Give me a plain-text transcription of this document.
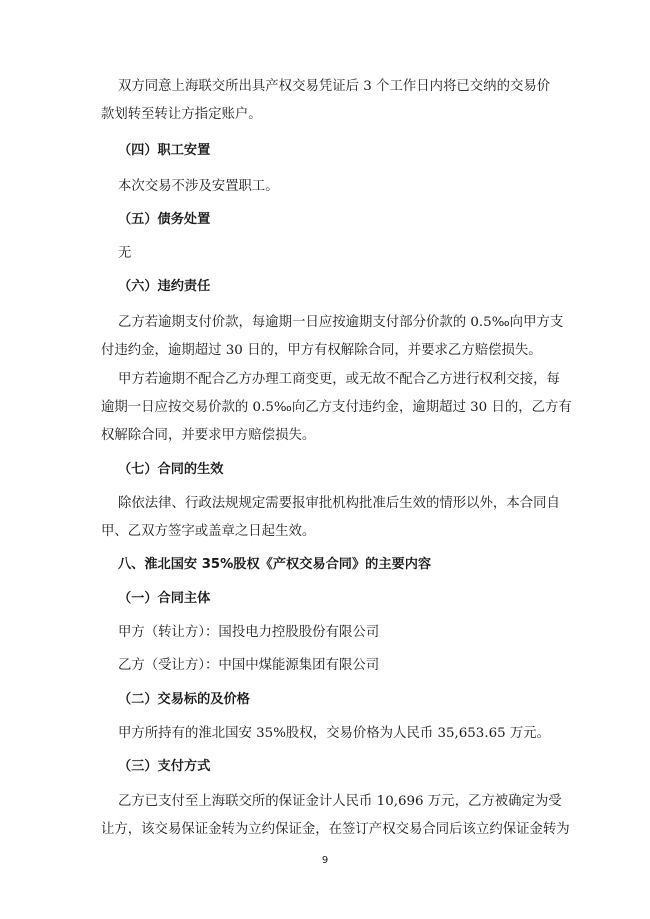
双方同意上海联交所出具产权交易凭证后 3 个工作日内将已交纳的交易价
款划转至转让方指定账户。
（四）职工安置
本次交易不涉及安置职工。
（五）债务处置
无
（六）违约责任
乙方若逾期支付价款，每逾期一日应按逾期支付部分价款的 0.5‰向甲方支
付违约金，逾期超过 30 日的，甲方有权解除合同，并要求乙方赔偿损失。
甲方若逾期不配合乙方办理工商变更，或无故不配合乙方进行权利交接，每
逾期一日应按交易价款的 0.5‰向乙方支付违约金，逾期超过 30 日的，乙方有
权解除合同，并要求甲方赔偿损失。
（七）合同的生效
除依法律、行政法规规定需要报审批机构批准后生效的情形以外，本合同自
甲、乙双方签字或盖章之日起生效。
八、淮北国安 35%股权《产权交易合同》的主要内容
（一）合同主体
甲方（转让方）：国投电力控股股份有限公司
乙方（受让方）：中国中煤能源集团有限公司
（二）交易标的及价格
甲方所持有的淮北国安 35%股权，交易价格为人民币 35,653.65 万元。
（三）支付方式
乙方已支付至上海联交所的保证金计人民币 10,696 万元，乙方被确定为受
让方，该交易保证金转为立约保证金，在签订产权交易合同后该立约保证金转为
9
